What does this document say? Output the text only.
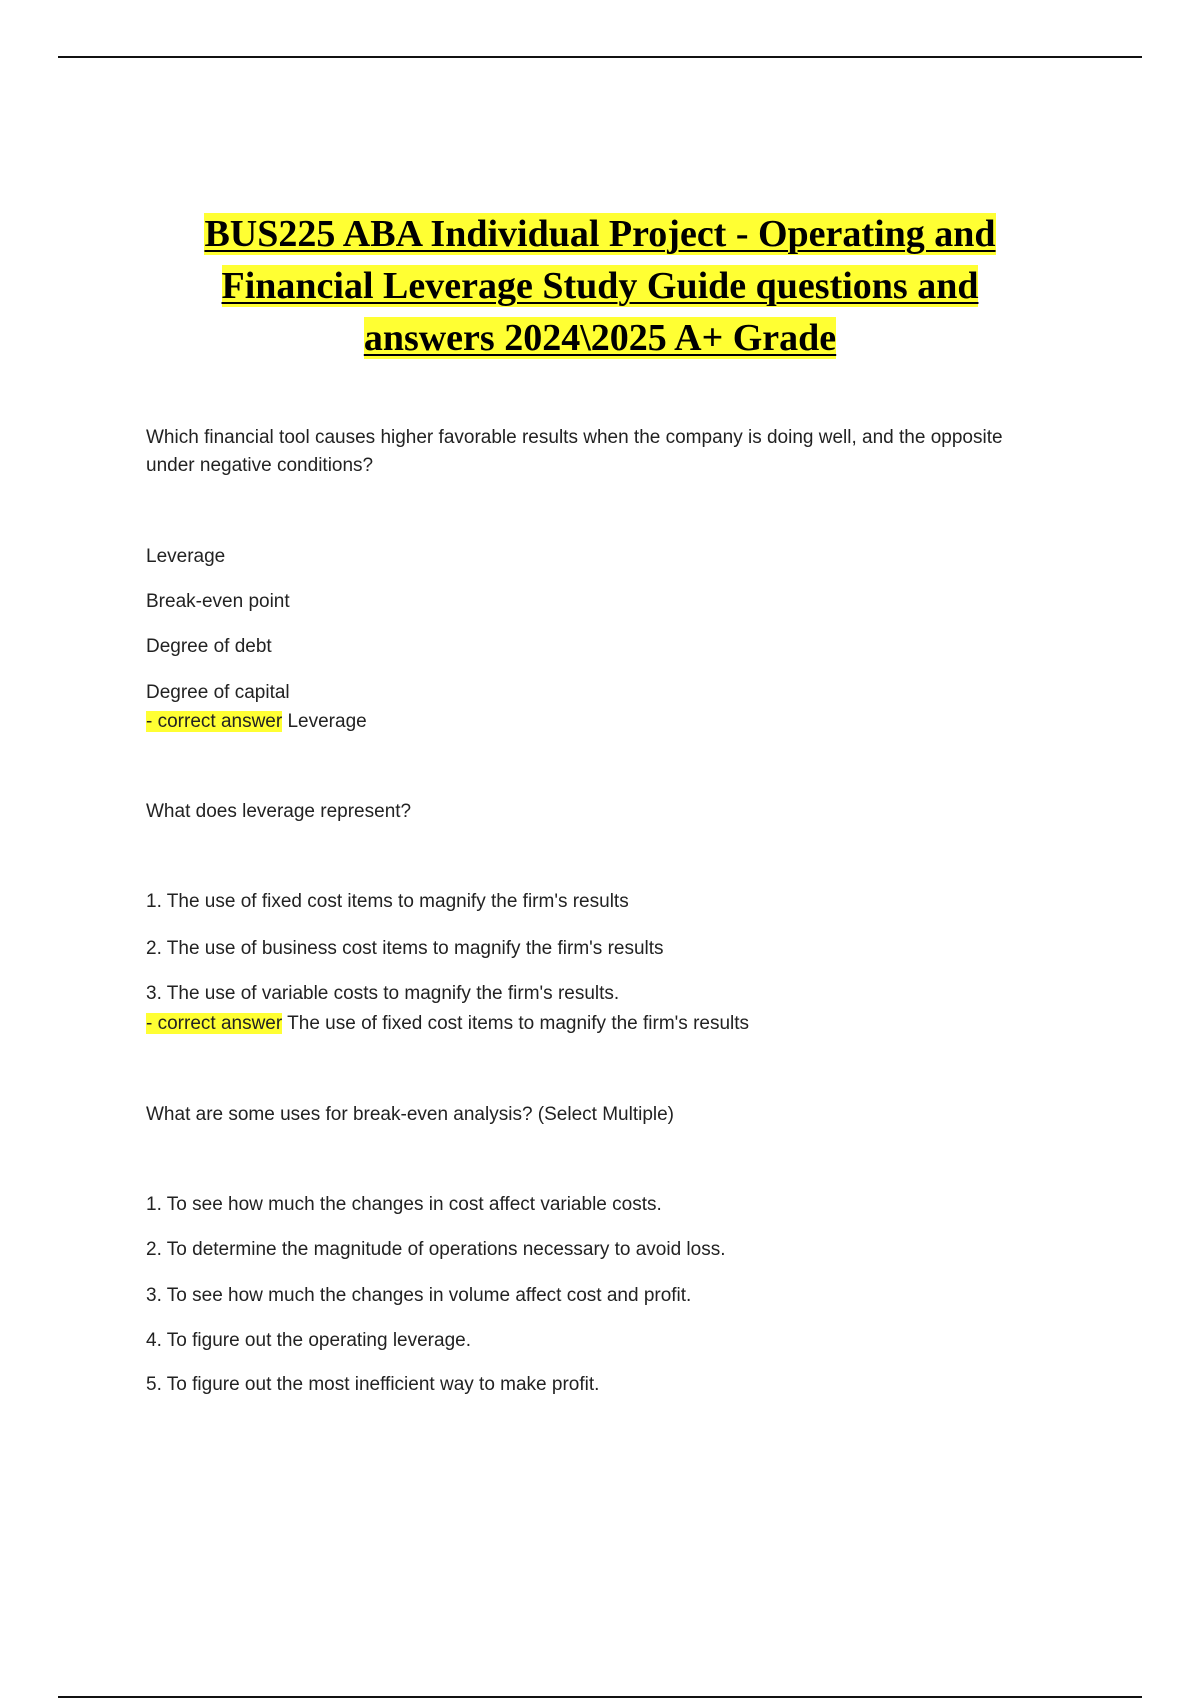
BUS225 ABA Individual Project - Operating and
Financial Leverage Study Guide questions and
answers 2024\2025 A+ Grade

Which financial tool causes higher favorable results when the company is doing well, and the opposite
under negative conditions?

Leverage

Break-even point

Degree of debt

Degree of capital

- correct answer Leverage

What does leverage represent?

1. The use of fixed cost items to magnify the firm's results

2. The use of business cost items to magnify the firm's results

3. The use of variable costs to magnify the firm's results.

- correct answer The use of fixed cost items to magnify the firm's results

What are some uses for break-even analysis? (Select Multiple)

1. To see how much the changes in cost affect variable costs.

2. To determine the magnitude of operations necessary to avoid loss.

3. To see how much the changes in volume affect cost and profit.

4. To figure out the operating leverage.

5. To figure out the most inefficient way to make profit.
